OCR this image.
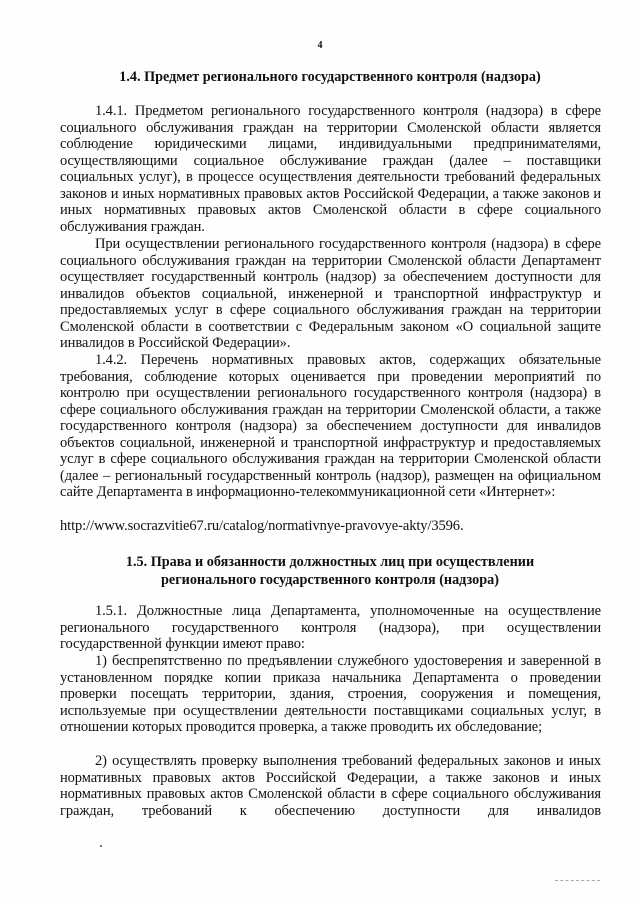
4
1.4. Предмет регионального государственного контроля (надзора)
1.4.1. Предметом регионального государственного контроля (надзора) в сфере социального обслуживания граждан на территории Смоленской области является соблюдение юридическими лицами, индивидуальными предпринимателями, осуществляющими социальное обслуживание граждан (далее – поставщики социальных услуг), в процессе осуществления деятельности требований федеральных законов и иных нормативных правовых актов Российской Федерации, а также законов и иных нормативных правовых актов Смоленской области в сфере социального обслуживания граждан.
При осуществлении регионального государственного контроля (надзора) в сфере социального обслуживания граждан на территории Смоленской области Департамент осуществляет государственный контроль (надзор) за обеспечением доступности для инвалидов объектов социальной, инженерной и транспортной инфраструктур и предоставляемых услуг в сфере социального обслуживания граждан на территории Смоленской области в соответствии с Федеральным законом «О социальной защите инвалидов в Российской Федерации».
1.4.2. Перечень нормативных правовых актов, содержащих обязательные требования, соблюдение которых оценивается при проведении мероприятий по контролю при осуществлении регионального государственного контроля (надзора) в сфере социального обслуживания граждан на территории Смоленской области, а также государственного контроля (надзора) за обеспечением доступности для инвалидов объектов социальной, инженерной и транспортной инфраструктур и предоставляемых услуг в сфере социального обслуживания граждан на территории Смоленской области (далее – региональный государственный контроль (надзор), размещен на официальном сайте Департамента в информационно-телекоммуникационной сети «Интернет»:
http://www.socrazvitie67.ru/catalog/normativnye-pravovye-akty/3596.
1.5. Права и обязанности должностных лиц при осуществлении
регионального государственного контроля (надзора)
1.5.1. Должностные лица Департамента, уполномоченные на осуществление регионального государственного контроля (надзора), при осуществлении государственной функции имеют право:
1) беспрепятственно по предъявлении служебного удостоверения и заверенной в установленном порядке копии приказа начальника Департамента о проведении проверки посещать территории, здания, строения, сооружения и помещения, используемые при осуществлении деятельности поставщиками социальных услуг, в отношении которых проводится проверка, а также проводить их обследование;
2) осуществлять проверку выполнения требований федеральных законов и иных нормативных правовых актов Российской Федерации, а также законов и иных нормативных правовых актов Смоленской области в сфере социального обслуживания граждан, требований к обеспечению доступности для инвалидов
